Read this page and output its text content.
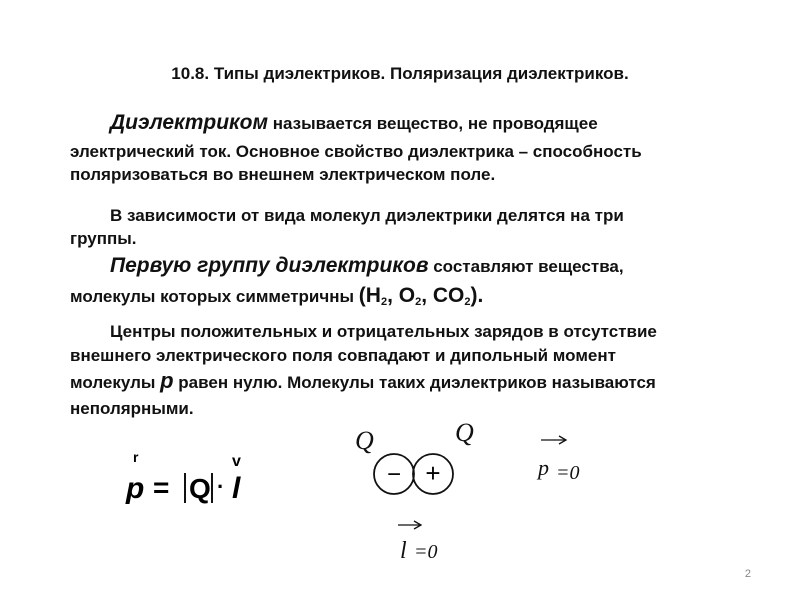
10.8. Типы диэлектриков. Поляризация диэлектриков.
Диэлектриком называется вещество, не проводящее
электрический ток. Основное свойство диэлектрика – способность
поляризоваться во внешнем электрическом поле.
В зависимости от вида молекул диэлектрики делятся на три
группы.
Первую группу диэлектриков составляют вещества,
молекулы которых симметричны ($H_2$, $O_2$, $CO_2$).
Центры положительных и отрицательных зарядов в отсутствие
внешнего электрического поля совпадают и дипольный момент
молекулы p равен нулю. Молекулы таких диэлектриков называются
неполярными.
r
p = Q ·
v
l
Q	Q
− +	p =0
l =0
2
